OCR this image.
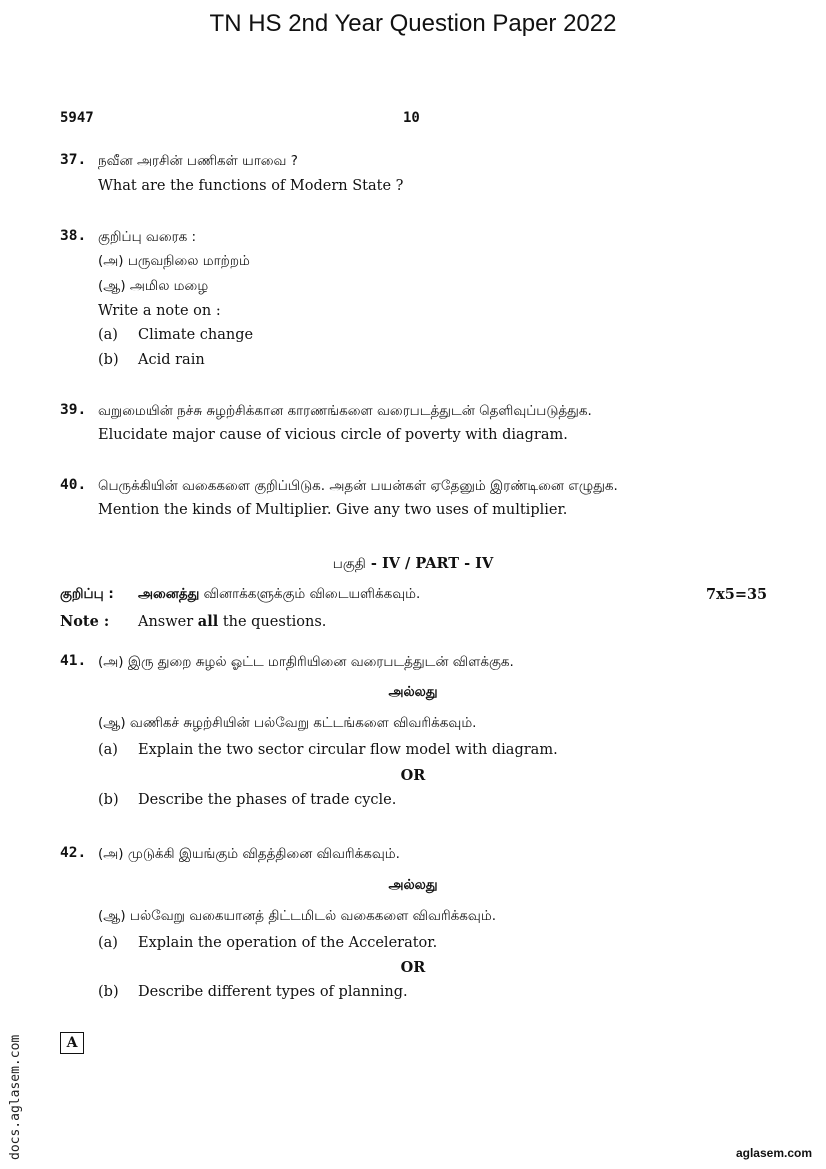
TN HS 2nd Year Question Paper 2022
5947	10
37. நவீன அரசின் பணிகள் யாவை ?
What are the functions of Modern State ?
38. குறிப்பு வரைக :
(அ) பருவநிலை மாற்றம்
(ஆ) அமில மழை
Write a note on :
(a) Climate change
(b) Acid rain
39. வறுமையின் நச்சு சுழற்சிக்கான காரணங்களை வரைபடத்துடன் தெளிவுப்படுத்துக.
Elucidate major cause of vicious circle of poverty with diagram.
40. பெருக்கியின் வகைகளை குறிப்பிடுக. அதன் பயன்கள் ஏதேனும் இரண்டினை எழுதுக.
Mention the kinds of Multiplier. Give any two uses of multiplier.
பகுதி - IV / PART - IV
குறிப்பு : அனைத்து வினாக்களுக்கும் விடையளிக்கவும்.	7x5=35
Note : Answer all the questions.
41. (அ) இரு துறை சுழல் ஓட்ட மாதிரியினை வரைபடத்துடன் விளக்குக.
அல்லது
(ஆ) வணிகச் சுழற்சியின் பல்வேறு கட்டங்களை விவரிக்கவும்.
(a) Explain the two sector circular flow model with diagram.
OR
(b) Describe the phases of trade cycle.
42. (அ) முடுக்கி இயங்கும் விதத்தினை விவரிக்கவும்.
அல்லது
(ஆ) பல்வேறு வகையானத் திட்டமிடல் வகைகளை விவரிக்கவும்.
(a) Explain the operation of the Accelerator.
OR
(b) Describe different types of planning.
A
docs.aglasem.com	aglasem.com
